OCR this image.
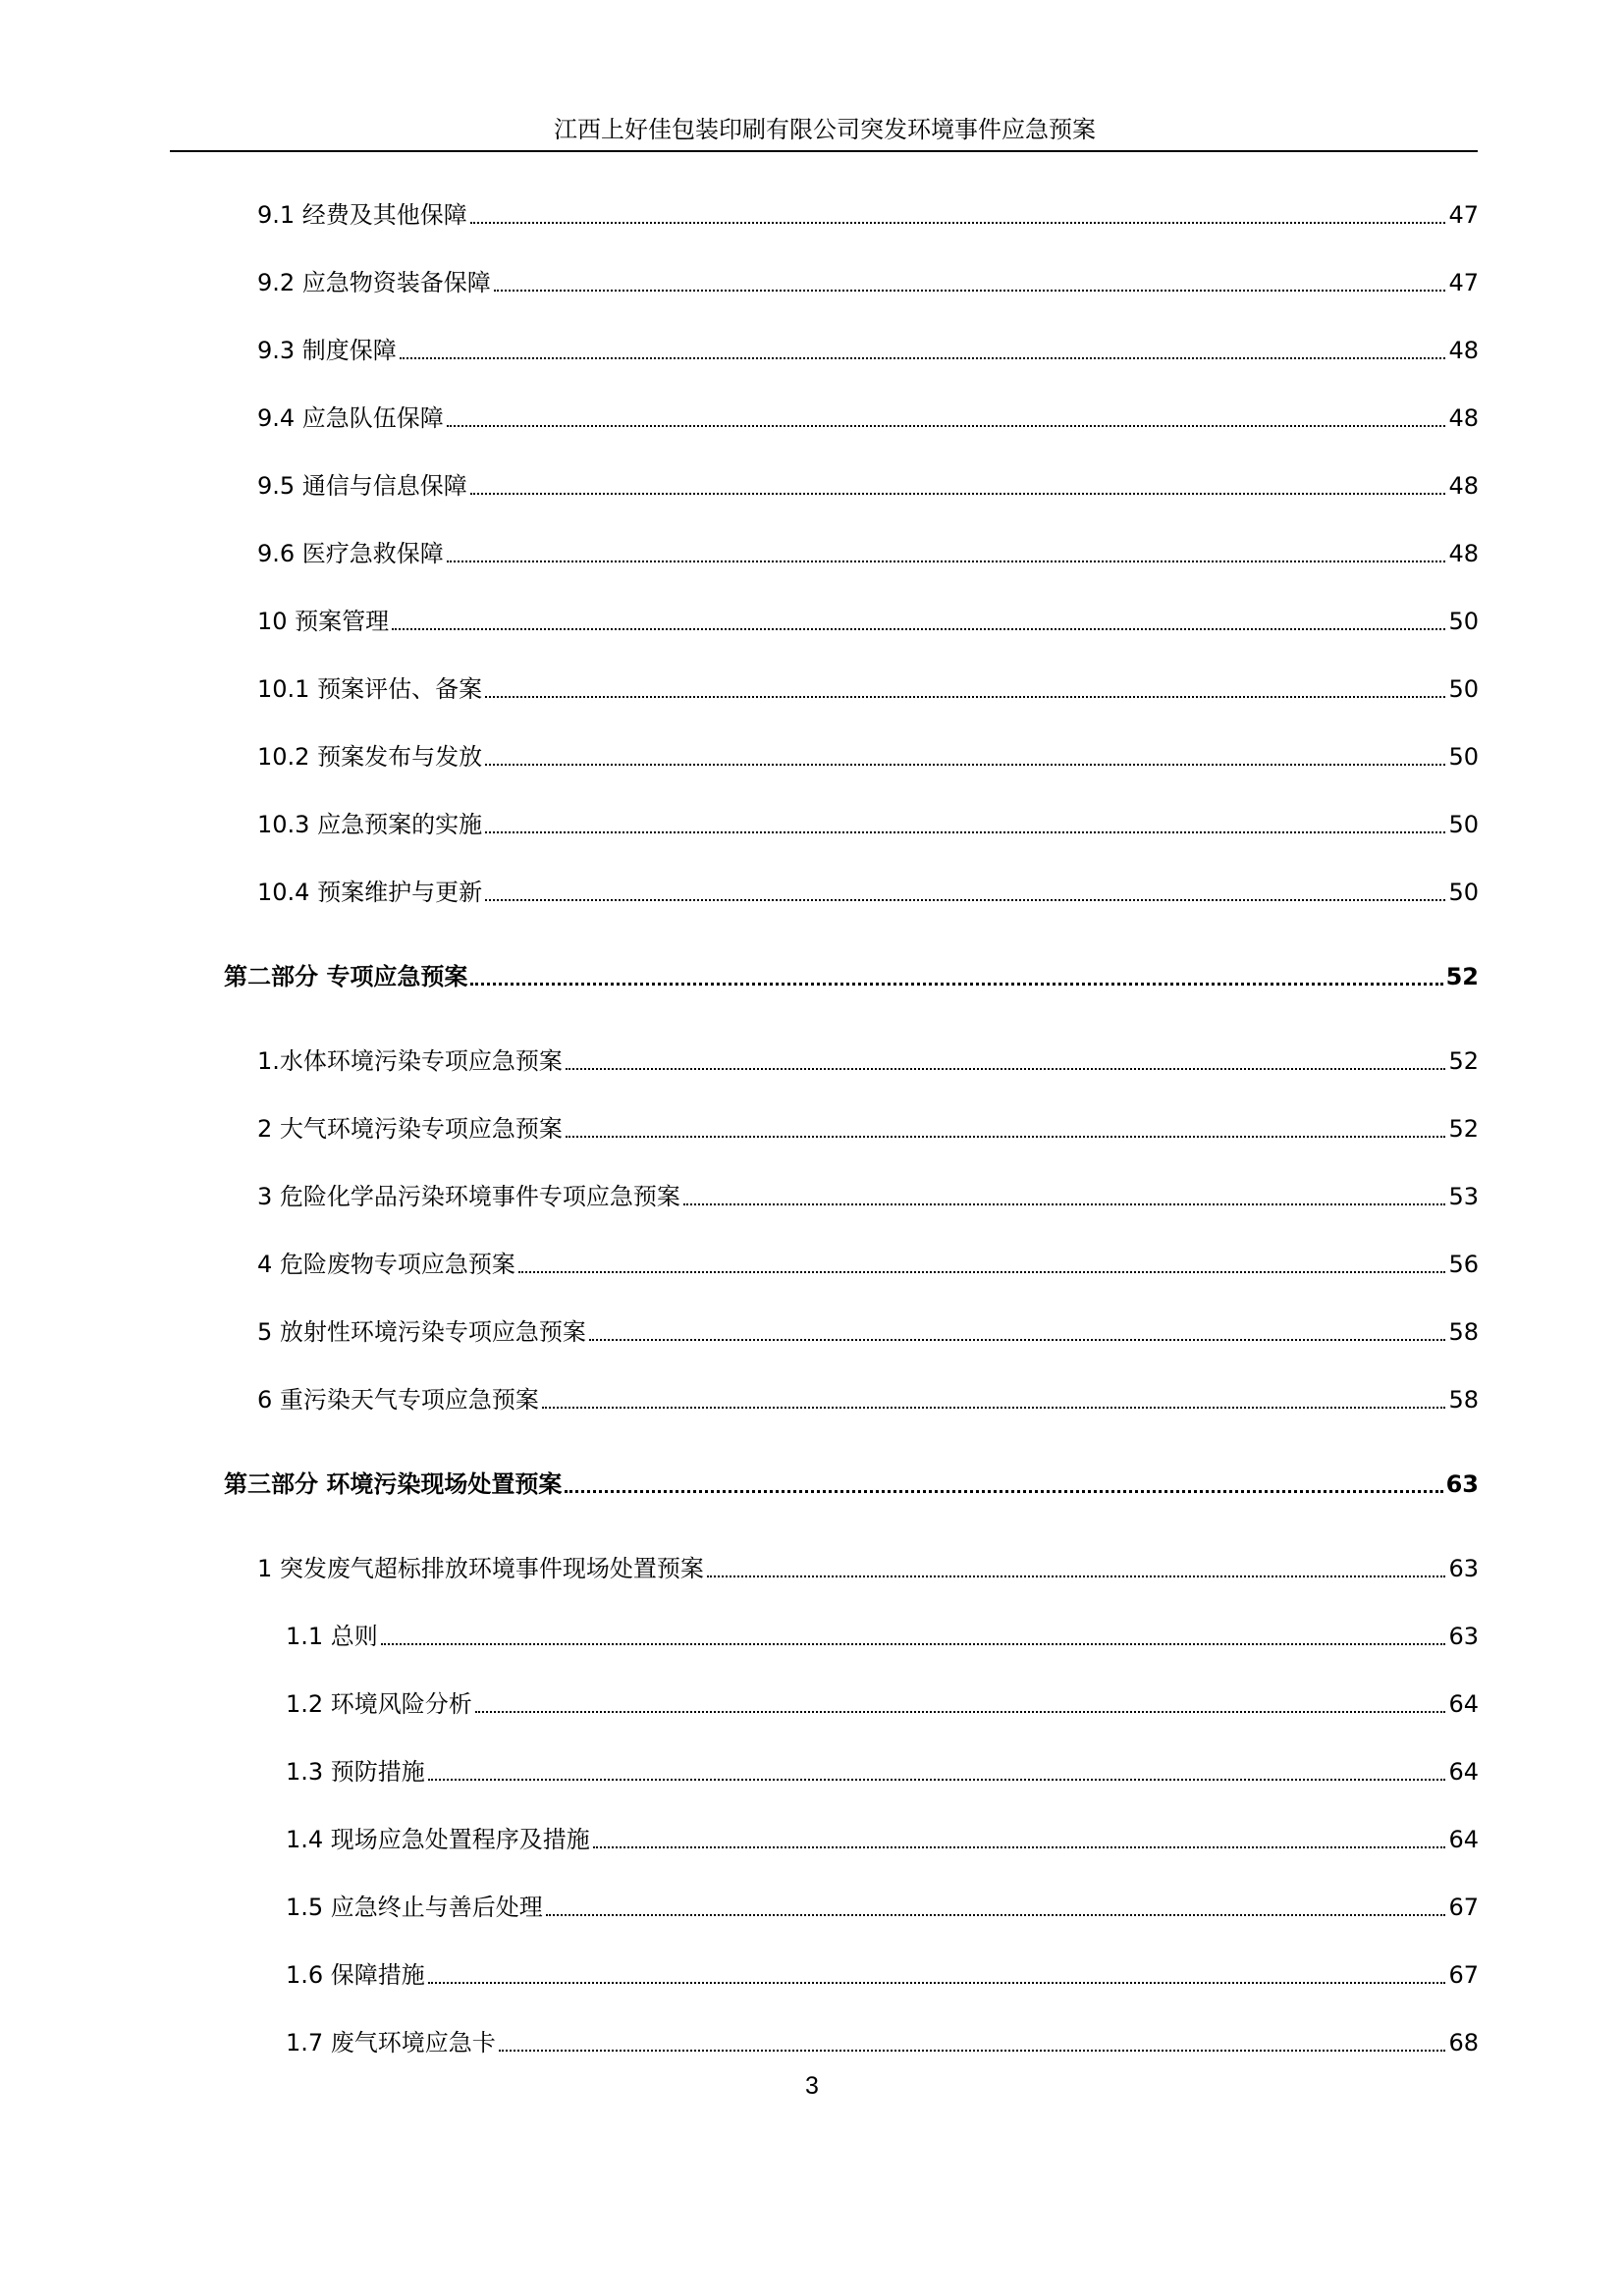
江西上好佳包装印刷有限公司突发环境事件应急预案
9.1 经费及其他保障	47
9.2 应急物资装备保障	47
9.3 制度保障	48
9.4 应急队伍保障	48
9.5 通信与信息保障	48
9.6 医疗急救保障	48
10 预案管理	50
10.1 预案评估、备案	50
10.2 预案发布与发放	50
10.3 应急预案的实施	50
10.4 预案维护与更新	50
第二部分 专项应急预案	52
1.水体环境污染专项应急预案	52
2 大气环境污染专项应急预案	52
3 危险化学品污染环境事件专项应急预案	53
4 危险废物专项应急预案	56
5 放射性环境污染专项应急预案	58
6 重污染天气专项应急预案	58
第三部分 环境污染现场处置预案	63
1 突发废气超标排放环境事件现场处置预案	63
1.1 总则	63
1.2 环境风险分析	64
1.3 预防措施	64
1.4 现场应急处置程序及措施	64
1.5 应急终止与善后处理	67
1.6 保障措施	67
1.7 废气环境应急卡	68
3
